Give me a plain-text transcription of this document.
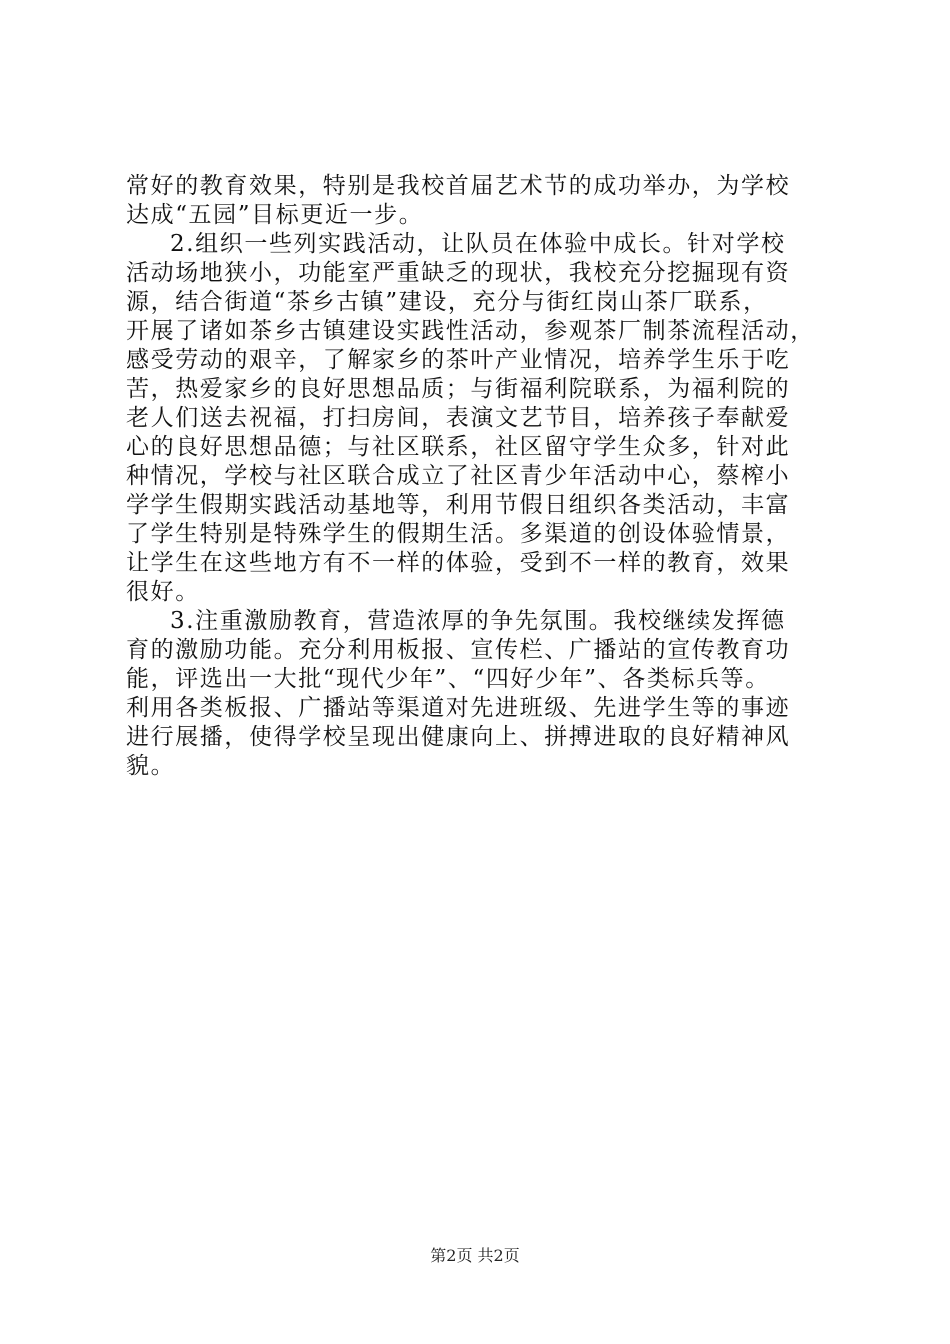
常好的教育效果，特别是我校首届艺术节的成功举办，为学校
达成“五园”目标更近一步。
2.组织一些列实践活动，让队员在体验中成长。针对学校
活动场地狭小，功能室严重缺乏的现状，我校充分挖掘现有资
源，结合街道“茶乡古镇”建设，充分与街红岗山茶厂联系，
开展了诸如茶乡古镇建设实践性活动，参观茶厂制茶流程活动，
感受劳动的艰辛，了解家乡的茶叶产业情况，培养学生乐于吃
苦，热爱家乡的良好思想品质；与街福利院联系，为福利院的
老人们送去祝福，打扫房间，表演文艺节目，培养孩子奉献爱
心的良好思想品德；与社区联系，社区留守学生众多，针对此
种情况，学校与社区联合成立了社区青少年活动中心，蔡榨小
学学生假期实践活动基地等，利用节假日组织各类活动，丰富
了学生特别是特殊学生的假期生活。多渠道的创设体验情景，
让学生在这些地方有不一样的体验，受到不一样的教育，效果
很好。
3.注重激励教育，营造浓厚的争先氛围。我校继续发挥德
育的激励功能。充分利用板报、宣传栏、广播站的宣传教育功
能，评选出一大批“现代少年”、“四好少年”、各类标兵等。
利用各类板报、广播站等渠道对先进班级、先进学生等的事迹
进行展播，使得学校呈现出健康向上、拼搏进取的良好精神风
貌。
第2页 共2页
